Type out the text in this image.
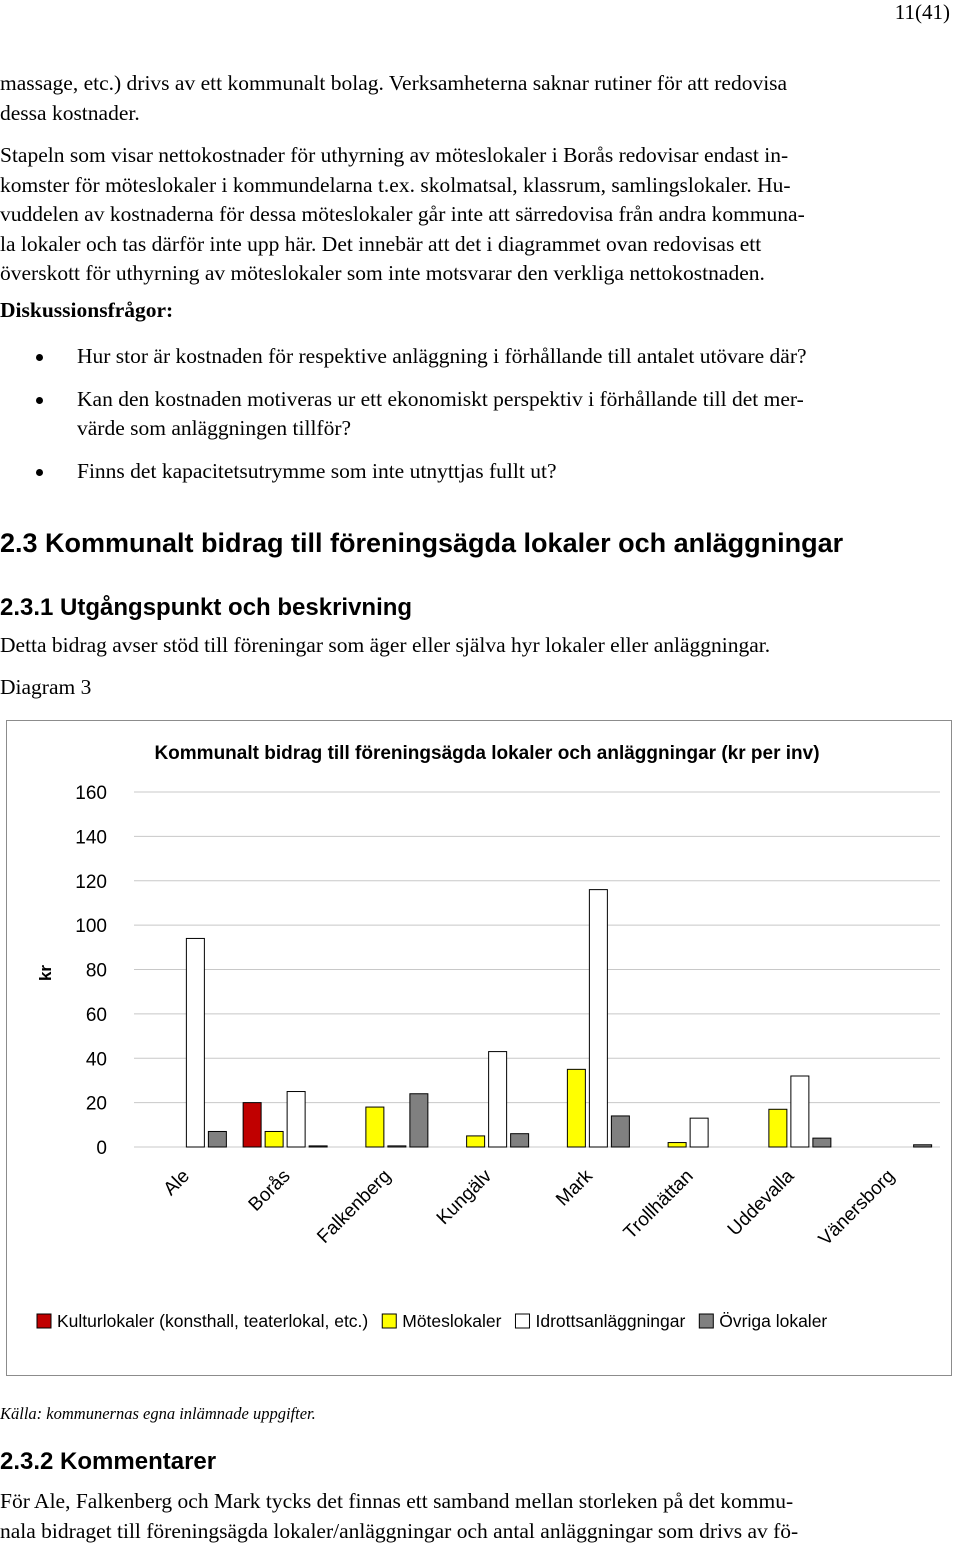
11(41)
massage, etc.) drivs av ett kommunalt bolag. Verksamheterna saknar rutiner för att redovisa
dessa kostnader.
Stapeln som visar nettokostnader för uthyrning av möteslokaler i Borås redovisar endast in-
komster för möteslokaler i kommundelarna t.ex. skolmatsal, klassrum, samlingslokaler. Hu-
vuddelen av kostnaderna för dessa möteslokaler går inte att särredovisa från andra kommuna-
la lokaler och tas därför inte upp här. Det innebär att det i diagrammet ovan redovisas ett
överskott för uthyrning av möteslokaler som inte motsvarar den verkliga nettokostnaden.
Diskussionsfrågor:
Hur stor är kostnaden för respektive anläggning i förhållande till antalet utövare där?
Kan den kostnaden motiveras ur ett ekonomiskt perspektiv i förhållande till det mer-
värde som anläggningen tillför?
Finns det kapacitetsutrymme som inte utnyttjas fullt ut?
2.3 Kommunalt bidrag till föreningsägda lokaler och anläggningar
2.3.1 Utgångspunkt och beskrivning
Detta bidrag avser stöd till föreningar som äger eller själva hyr lokaler eller anläggningar.
Diagram 3
0
20
40
60
80
100
120
140
160
Ale	Borås Falkenberg Kungälv	Mark Trollhättan Uddevalla Vänersborg
Kulturlokaler (konsthall, teaterlokal, etc.) Möteslokaler Idrottsanläggningar Övriga lokaler
Kommunalt bidrag till föreningsägda lokaler och anläggningar (kr per inv)
kr
Källa: kommunernas egna inlämnade uppgifter.
2.3.2 Kommentarer
För Ale, Falkenberg och Mark tycks det finnas ett samband mellan storleken på det kommu-
nala bidraget till föreningsägda lokaler/anläggningar och antal anläggningar som drivs av fö-
